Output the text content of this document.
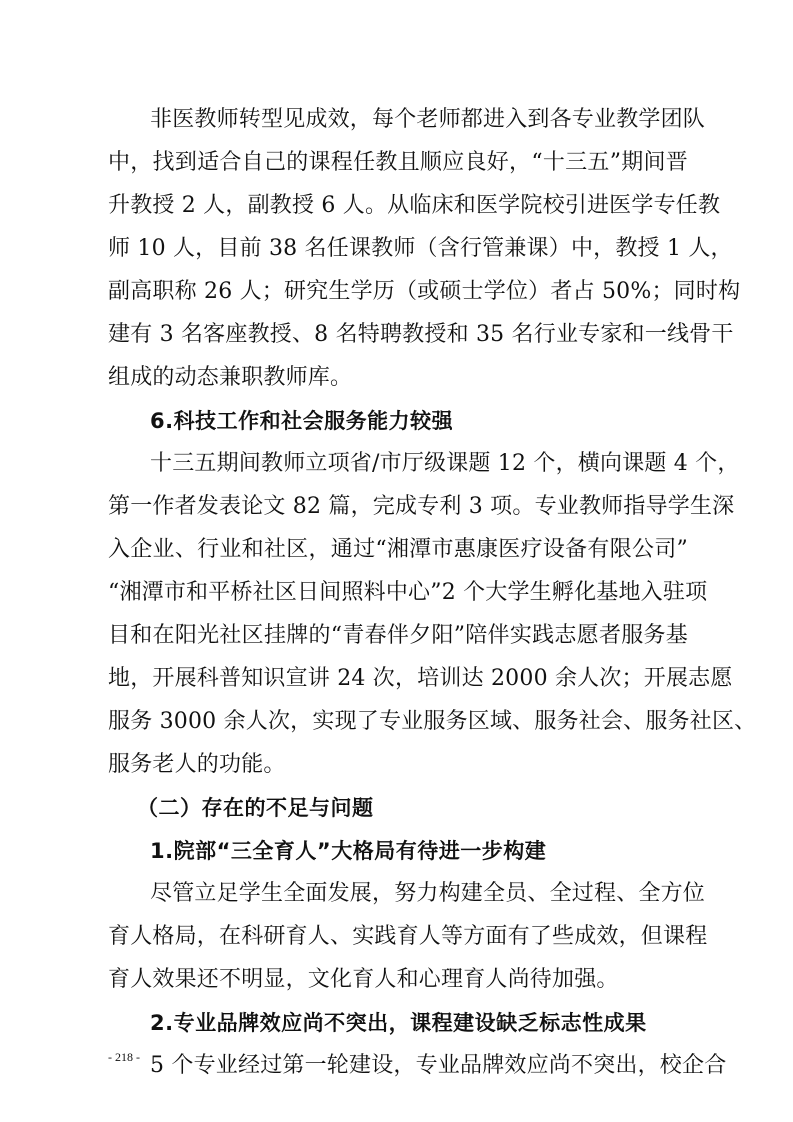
非医教师转型见成效，每个老师都进入到各专业教学团队
中，找到适合自己的课程任教且顺应良好，“十三五”期间晋
升教授 2 人，副教授 6 人。从临床和医学院校引进医学专任教
师 10 人，目前 38 名任课教师（含行管兼课）中，教授 1 人，
副高职称 26 人；研究生学历（或硕士学位）者占 50%；同时构
建有 3 名客座教授、8 名特聘教授和 35 名行业专家和一线骨干
组成的动态兼职教师库。
6.科技工作和社会服务能力较强
十三五期间教师立项省/市厅级课题 12 个，横向课题 4 个，
第一作者发表论文 82 篇，完成专利 3 项。专业教师指导学生深
入企业、行业和社区，通过“湘潭市惠康医疗设备有限公司”
“湘潭市和平桥社区日间照料中心”2 个大学生孵化基地入驻项
目和在阳光社区挂牌的“青春伴夕阳”陪伴实践志愿者服务基
地，开展科普知识宣讲 24 次，培训达 2000 余人次；开展志愿
服务 3000 余人次，实现了专业服务区域、服务社会、服务社区、
服务老人的功能。
（二）存在的不足与问题
1.院部“三全育人”大格局有待进一步构建
尽管立足学生全面发展，努力构建全员、全过程、全方位
育人格局，在科研育人、实践育人等方面有了些成效，但课程
育人效果还不明显，文化育人和心理育人尚待加强。
2.专业品牌效应尚不突出，课程建设缺乏标志性成果
5 个专业经过第一轮建设，专业品牌效应尚不突出，校企合
- 218 -
